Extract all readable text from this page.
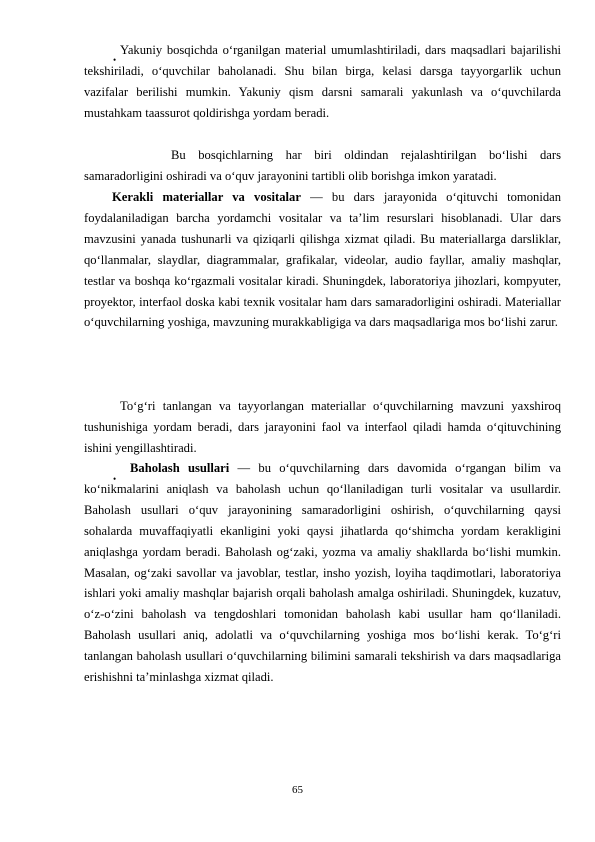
•
Yakuniy bosqichda o‘rganilgan material umumlashtiriladi, dars maqsadlari bajarilishi tekshiriladi, o‘quvchilar baholanadi. Shu bilan birga, kelasi darsga tayyorgarlik uchun vazifalar berilishi mumkin. Yakuniy qism darsni samarali yakunlash va o‘quvchilarda mustahkam taassurot qoldirishga yordam beradi.
Bu bosqichlarning har biri oldindan rejalashtirilgan bo‘lishi dars samaradorligini oshiradi va o‘quv jarayonini tartibli olib borishga imkon yaratadi.
Kerakli materiallar va vositalar — bu dars jarayonida o‘qituvchi tomonidan foydalaniladigan barcha yordamchi vositalar va ta’lim resurslari hisoblanadi. Ular dars mavzusini yanada tushunarli va qiziqarli qilishga xizmat qiladi. Bu materiallarga darsliklar, qo‘llanmalar, slaydlar, diagrammalar, grafikalar, videolar, audio fayllar, amaliy mashqlar, testlar va boshqa ko‘rgazmali vositalar kiradi. Shuningdek, laboratoriya jihozlari, kompyuter, proyektor, interfaol doska kabi texnik vositalar ham dars samaradorligini oshiradi. Materiallar o‘quvchilarning yoshiga, mavzuning murakkabligiga va dars maqsadlariga mos bo‘lishi zarur.
To‘g‘ri tanlangan va tayyorlangan materiallar o‘quvchilarning mavzuni yaxshiroq tushunishiga yordam beradi, dars jarayonini faol va interfaol qiladi hamda o‘qituvchining ishini yengillashtiradi.
•
Baholash usullari — bu o‘quvchilarning dars davomida o‘rgangan bilim va ko‘nikmalarini aniqlash va baholash uchun qo‘llaniladigan turli vositalar va usullardir. Baholash usullari o‘quv jarayonining samaradorligini oshirish, o‘quvchilarning qaysi sohalarda muvaffaqiyatli ekanligini yoki qaysi jihatlarda qo‘shimcha yordam kerakligini aniqlashga yordam beradi. Baholash og‘zaki, yozma va amaliy shakllarda bo‘lishi mumkin. Masalan, og‘zaki savollar va javoblar, testlar, insho yozish, loyiha taqdimotlari, laboratoriya ishlari yoki amaliy mashqlar bajarish orqali baholash amalga oshiriladi. Shuningdek, kuzatuv, o‘z-o‘zini baholash va tengdoshlari tomonidan baholash kabi usullar ham qo‘llaniladi. Baholash usullari aniq, adolatli va o‘quvchilarning yoshiga mos bo‘lishi kerak. To‘g‘ri tanlangan baholash usullari o‘quvchilarning bilimini samarali tekshirish va dars maqsadlariga erishishni ta’minlashga xizmat qiladi.
65
